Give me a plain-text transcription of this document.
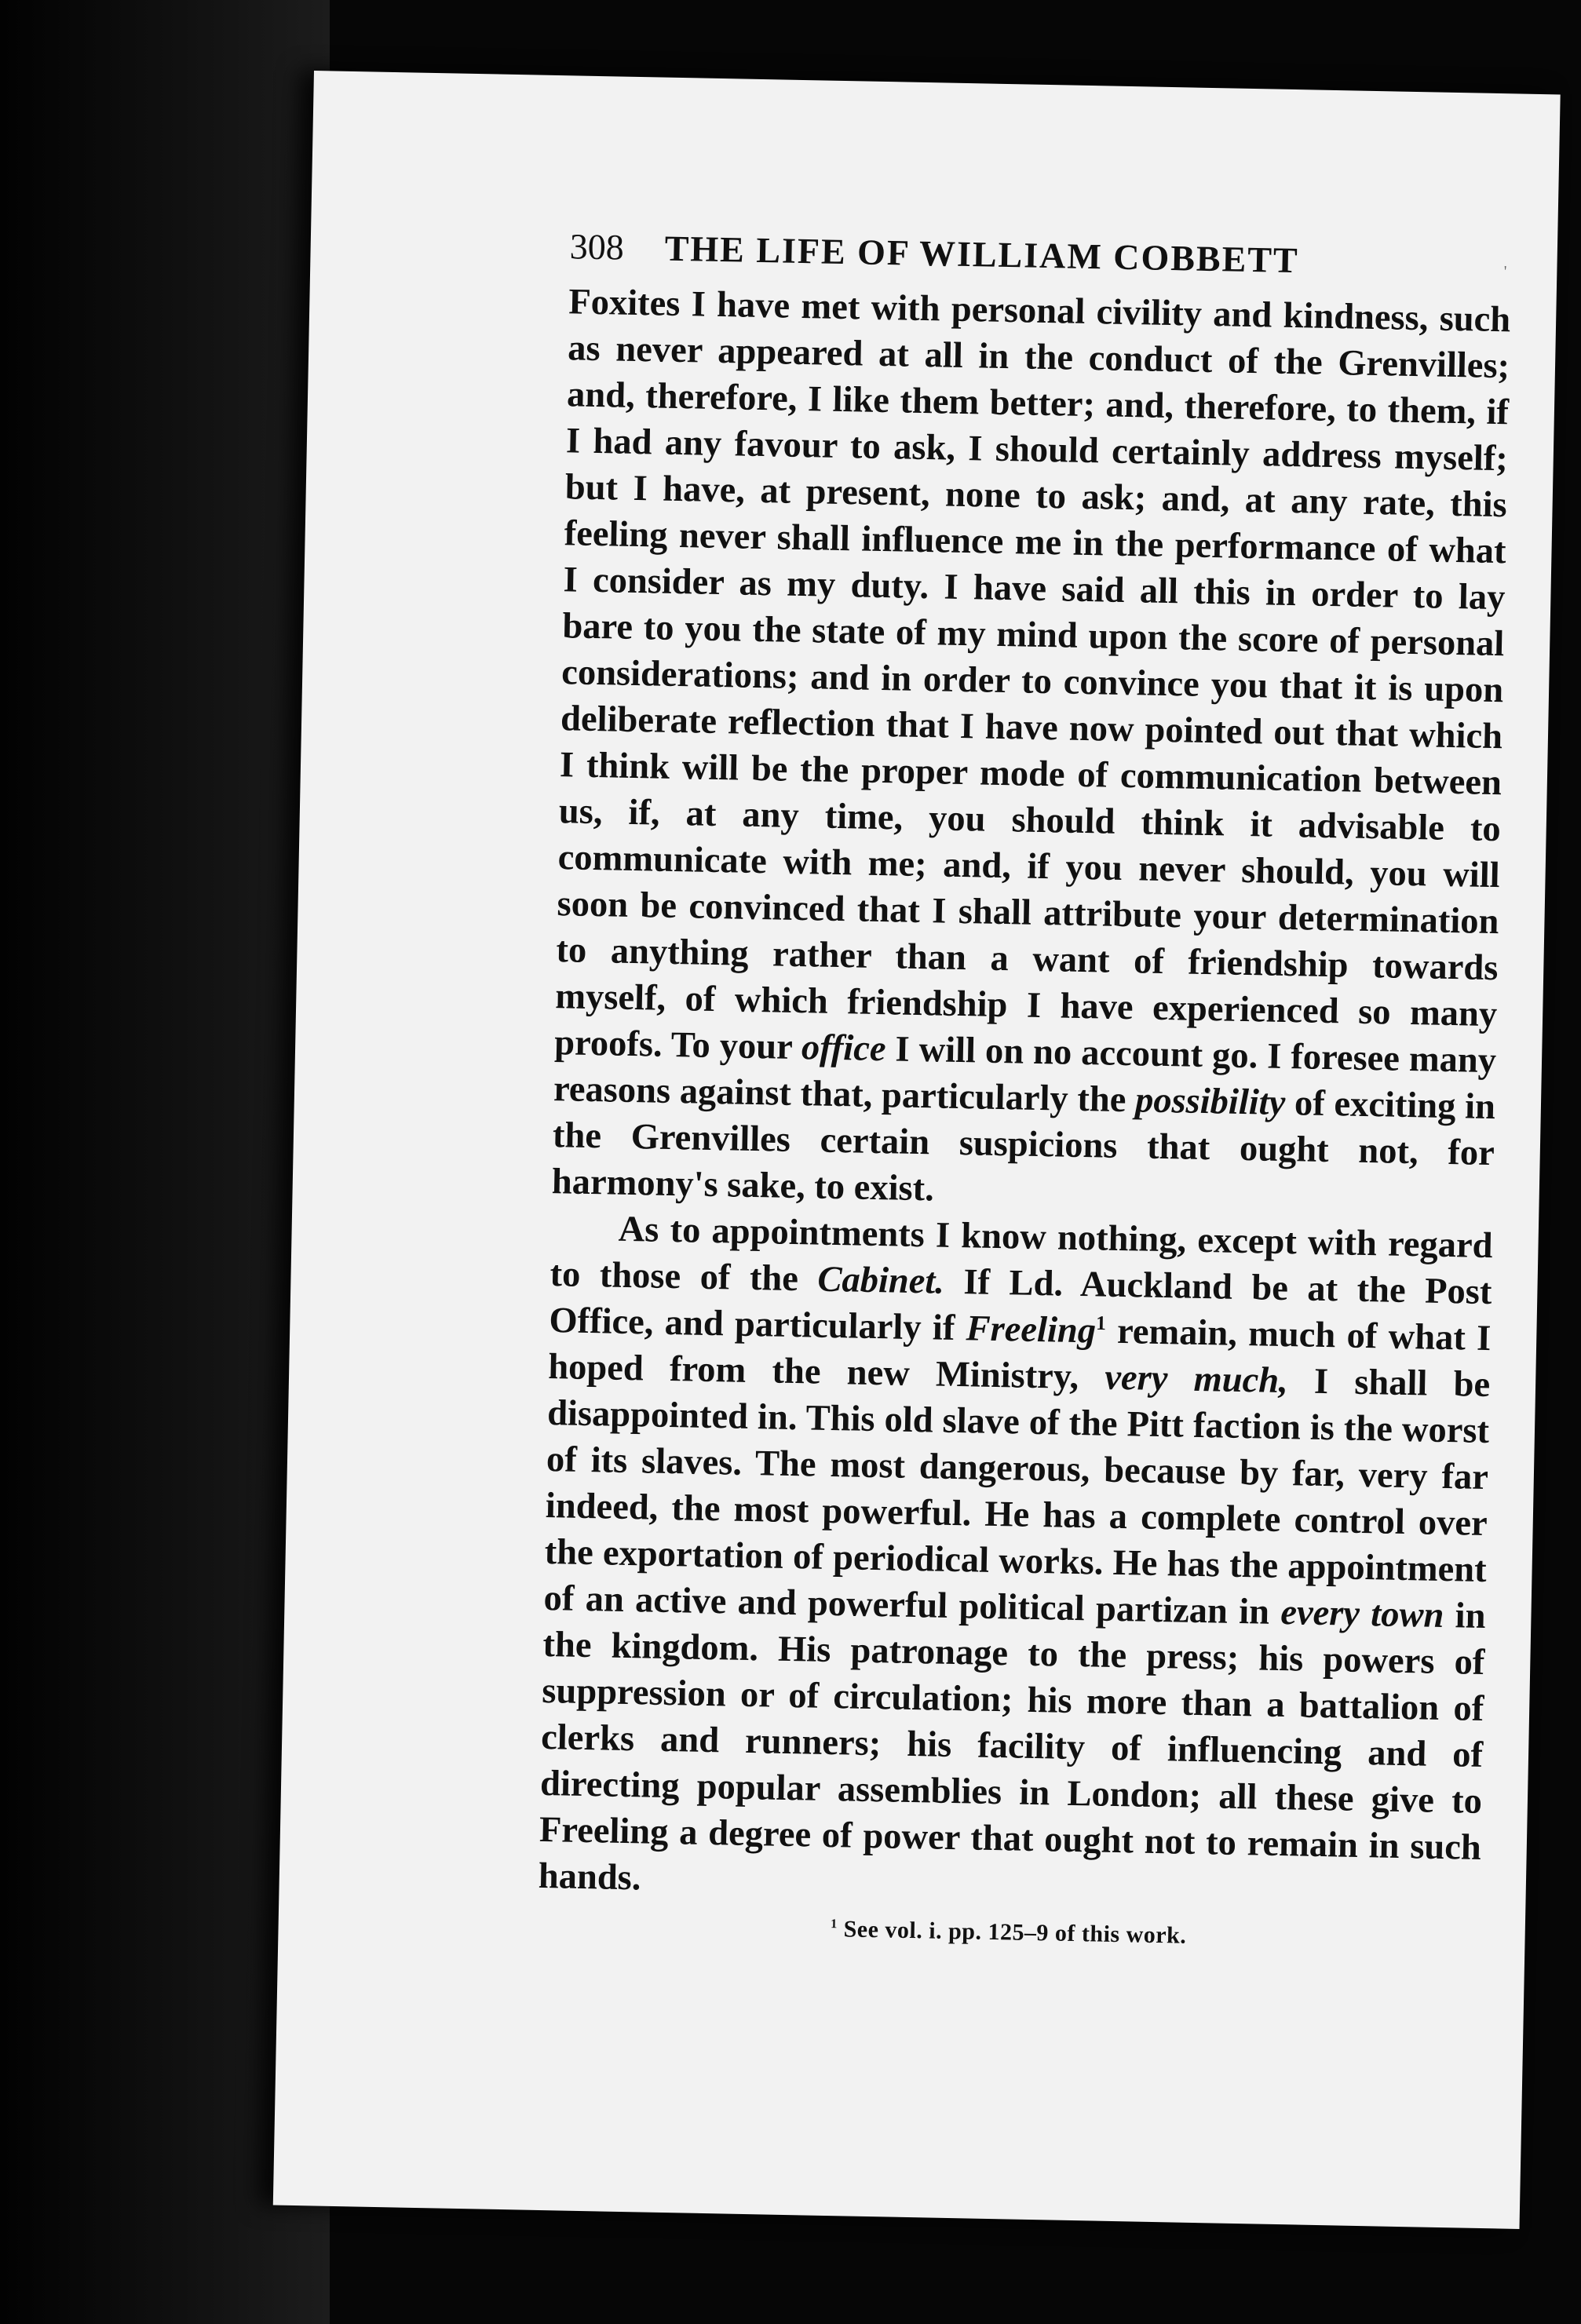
308 THE LIFE OF WILLIAM COBBETT	'

Foxites I have met with personal civility and kindness, such as never appeared at all in the conduct of the Grenvilles; and, therefore, I like them better; and, therefore, to them, if I had any favour to ask, I should certainly address myself; but I have, at present, none to ask; and, at any rate, this feeling never shall influence me in the performance of what I consider as my duty. I have said all this in order to lay bare to you the state of my mind upon the score of personal considerations; and in order to convince you that it is upon deliberate reflection that I have now pointed out that which I think will be the proper mode of communication between us, if, at any time, you should think it advisable to communicate with me; and, if you never should, you will soon be convinced that I shall attribute your determination to anything rather than a want of friendship towards myself, of which friendship I have experienced so many proofs. To your office I will on no account go. I foresee many reasons against that, particularly the possibility of exciting in the Grenvilles certain suspicions that ought not, for harmony's sake, to exist.

As to appointments I know nothing, except with regard to those of the Cabinet. If Ld. Auckland be at the Post Office, and particularly if Freeling$^1$ remain, much of what I hoped from the new Ministry, very much, I shall be disappointed in. This old slave of the Pitt faction is the worst of its slaves. The most dangerous, because by far, very far indeed, the most powerful. He has a complete control over the exportation of periodical works. He has the appointment of an active and powerful political partizan in every town in the kingdom. His patronage to the press; his powers of suppression or of circulation; his more than a battalion of clerks and runners; his facility of influencing and of directing popular assemblies in London; all these give to Freeling a degree of power that ought not to remain in such hands.

$^1$ See vol. i. pp. 125–9 of this work.
